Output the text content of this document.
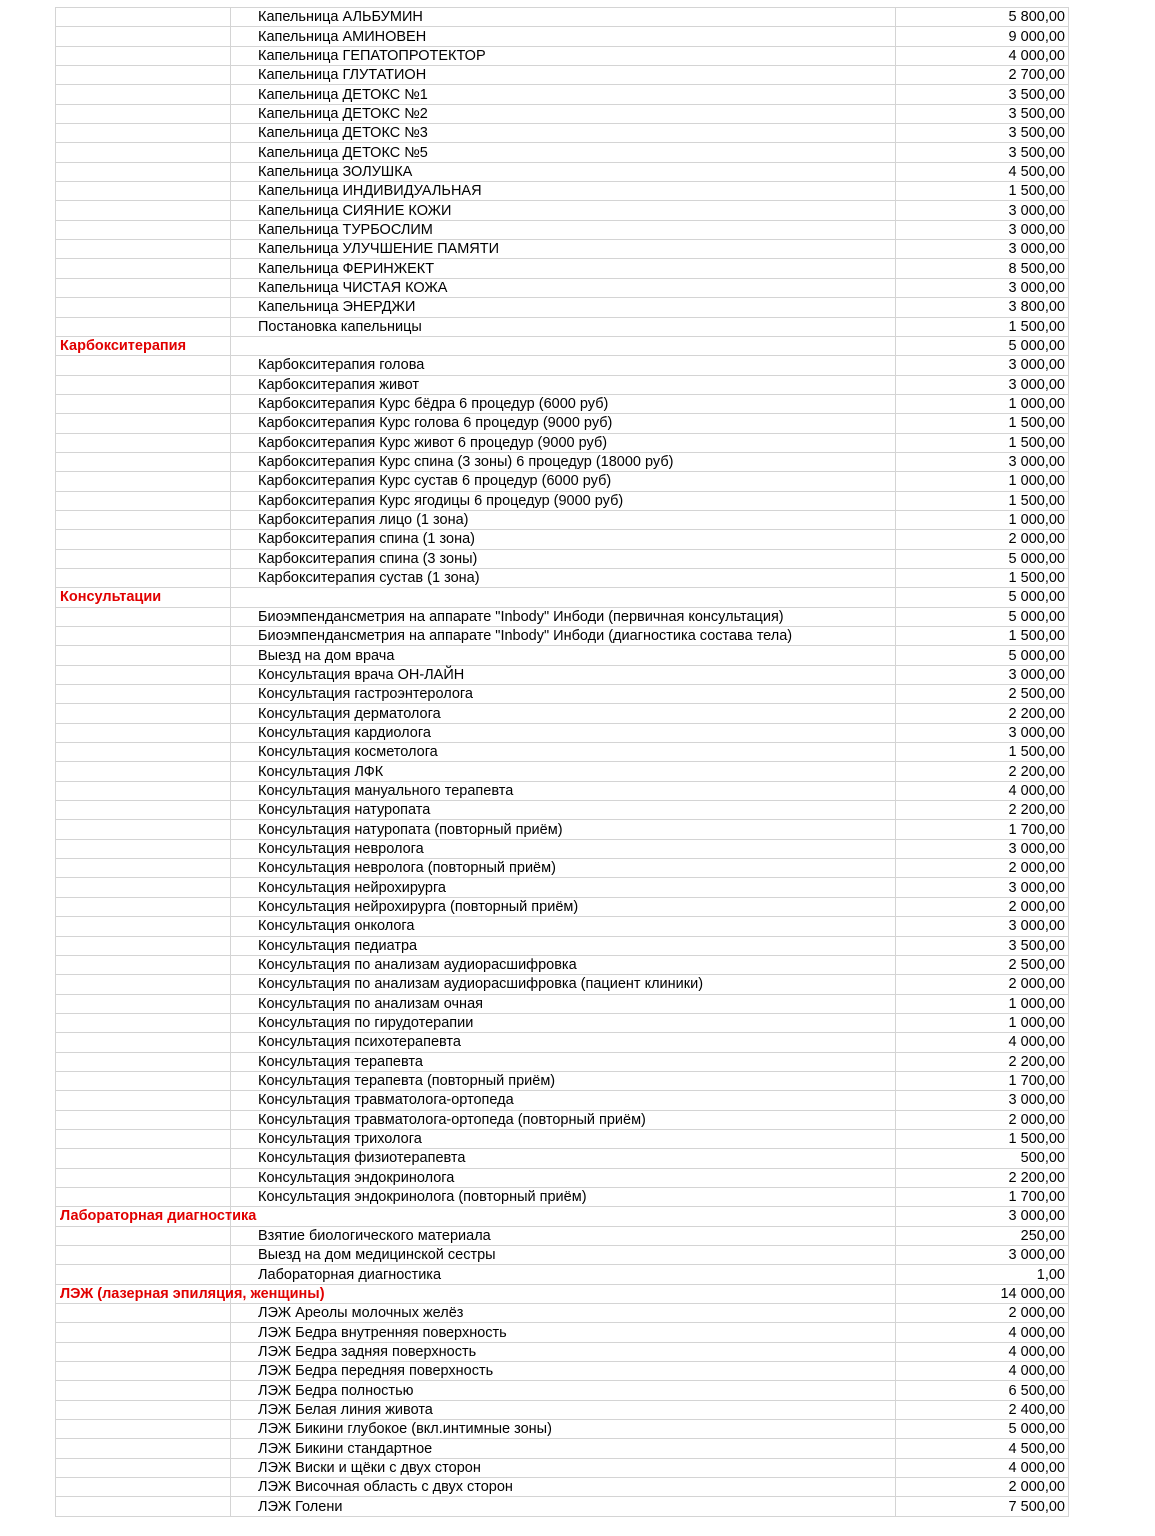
	Капельница АЛЬБУМИН	5 800,00
	Капельница АМИНОВЕН	9 000,00
	Капельница ГЕПАТОПРОТЕКТОР	4 000,00
	Капельница ГЛУТАТИОН	2 700,00
	Капельница ДЕТОКС №1	3 500,00
	Капельница ДЕТОКС №2	3 500,00
	Капельница ДЕТОКС №3	3 500,00
	Капельница ДЕТОКС №5	3 500,00
	Капельница ЗОЛУШКА	4 500,00
	Капельница ИНДИВИДУАЛЬНАЯ	1 500,00
	Капельница СИЯНИЕ КОЖИ	3 000,00
	Капельница ТУРБОСЛИМ	3 000,00
	Капельница УЛУЧШЕНИЕ ПАМЯТИ	3 000,00
	Капельница ФЕРИНЖЕКТ	8 500,00
	Капельница ЧИСТАЯ КОЖА	3 000,00
	Капельница ЭНЕРДЖИ	3 800,00
	Постановка капельницы	1 500,00
Карбокситерапия		5 000,00
	Карбокситерапия голова	3 000,00
	Карбокситерапия живот	3 000,00
	Карбокситерапия Курс бёдра 6 процедур (6000 руб)	1 000,00
	Карбокситерапия Курс голова 6 процедур (9000 руб)	1 500,00
	Карбокситерапия Курс живот 6 процедур (9000 руб)	1 500,00
	Карбокситерапия Курс спина (3 зоны) 6 процедур (18000 руб)	3 000,00
	Карбокситерапия Курс сустав 6 процедур (6000 руб)	1 000,00
	Карбокситерапия Курс ягодицы 6 процедур (9000 руб)	1 500,00
	Карбокситерапия лицо (1 зона)	1 000,00
	Карбокситерапия спина (1 зона)	2 000,00
	Карбокситерапия спина (3 зоны)	5 000,00
	Карбокситерапия сустав (1 зона)	1 500,00
Консультации		5 000,00
	Биоэмпендансметрия на аппарате "Inbody" Инбоди (первичная консультация)	5 000,00
	Биоэмпендансметрия на аппарате "Inbody" Инбоди (диагностика состава тела)	1 500,00
	Выезд на дом врача	5 000,00
	Консультация врача ОН-ЛАЙН	3 000,00
	Консультация гастроэнтеролога	2 500,00
	Консультация дерматолога	2 200,00
	Консультация кардиолога	3 000,00
	Консультация косметолога	1 500,00
	Консультация ЛФК	2 200,00
	Консультация мануального терапевта	4 000,00
	Консультация натуропата	2 200,00
	Консультация натуропата (повторный приём)	1 700,00
	Консультация невролога	3 000,00
	Консультация невролога (повторный приём)	2 000,00
	Консультация нейрохирурга	3 000,00
	Консультация нейрохирурга (повторный приём)	2 000,00
	Консультация онколога	3 000,00
	Консультация педиатра	3 500,00
	Консультация по анализам аудиорасшифровка	2 500,00
	Консультация по анализам аудиорасшифровка (пациент клиники)	2 000,00
	Консультация по анализам очная	1 000,00
	Консультация по гирудотерапии	1 000,00
	Консультация психотерапевта	4 000,00
	Консультация терапевта	2 200,00
	Консультация терапевта (повторный приём)	1 700,00
	Консультация травматолога-ортопеда	3 000,00
	Консультация травматолога-ортопеда (повторный приём)	2 000,00
	Консультация трихолога	1 500,00
	Консультация физиотерапевта	500,00
	Консультация эндокринолога	2 200,00
	Консультация эндокринолога (повторный приём)	1 700,00
Лабораторная диагностика		3 000,00
	Взятие биологического материала	250,00
	Выезд на дом медицинской сестры	3 000,00
	Лабораторная диагностика	1,00
ЛЭЖ (лазерная эпиляция, женщины)		14 000,00
	ЛЭЖ Ареолы молочных желёз	2 000,00
	ЛЭЖ Бедра внутренняя поверхность	4 000,00
	ЛЭЖ Бедра задняя поверхность	4 000,00
	ЛЭЖ Бедра передняя поверхность	4 000,00
	ЛЭЖ Бедра полностью	6 500,00
	ЛЭЖ Белая линия живота	2 400,00
	ЛЭЖ Бикини глубокое (вкл.интимные зоны)	5 000,00
	ЛЭЖ Бикини стандартное	4 500,00
	ЛЭЖ Виски и щёки с двух сторон	4 000,00
	ЛЭЖ Височная область с двух сторон	2 000,00
	ЛЭЖ Голени	7 500,00
